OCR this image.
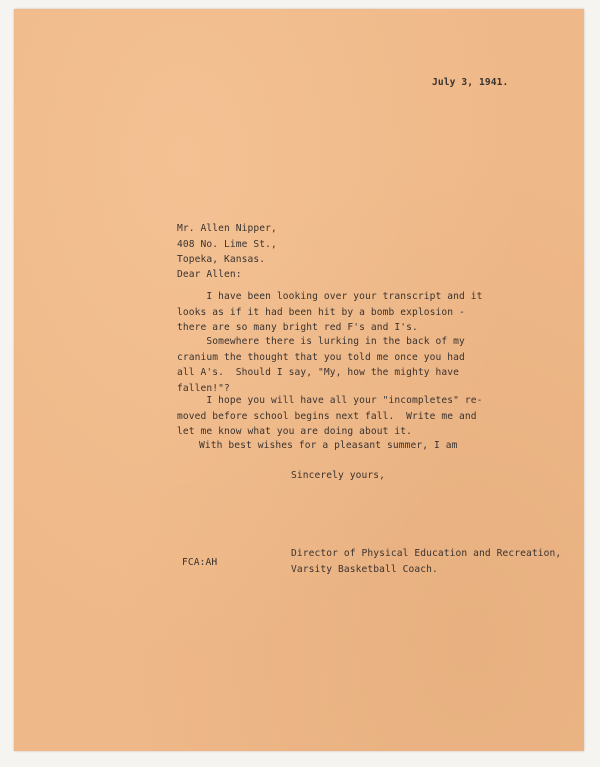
July 3, 1941.

Mr. Allen Nipper,
408 No. Lime St.,
Topeka, Kansas.

Dear Allen:

I have been looking over your transcript and it
looks as if it had been hit by a bomb explosion -
there are so many bright red F's and I's.

Somewhere there is lurking in the back of my
cranium the thought that you told me once you had
all A's.  Should I say, "My, how the mighty have
fallen!"?

I hope you will have all your "incompletes" re-
moved before school begins next fall.  Write me and
let me know what you are doing about it.

With best wishes for a pleasant summer, I am

Sincerely yours,

Director of Physical Education and Recreation,
Varsity Basketball Coach.

FCA:AH
